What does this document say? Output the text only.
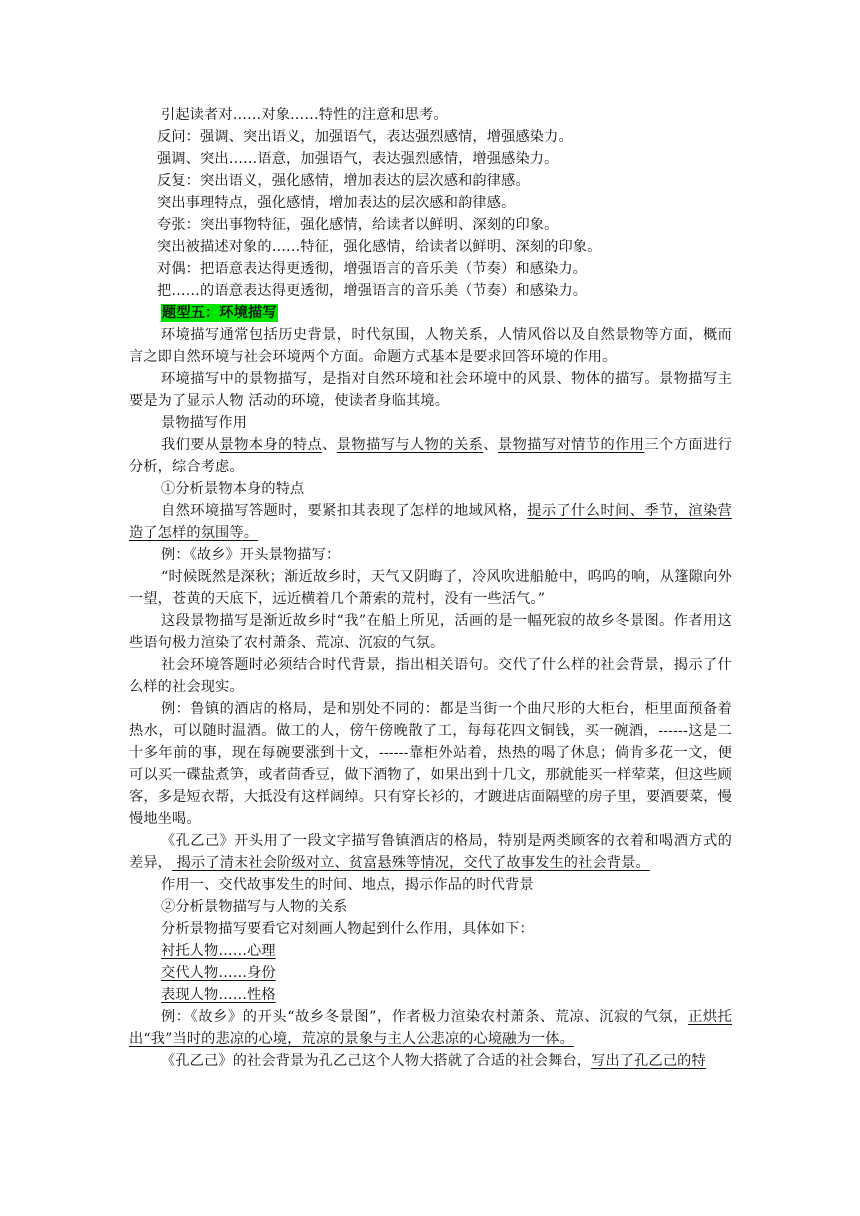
引起读者对……对象……特性的注意和思考。

反问：强调、突出语义，加强语气，表达强烈感情，增强感染力。

强调、突出……语意，加强语气，表达强烈感情，增强感染力。

反复：突出语义，强化感情，增加表达的层次感和韵律感。

突出事理特点，强化感情，增加表达的层次感和韵律感。

夸张：突出事物特征，强化感情，给读者以鲜明、深刻的印象。

突出被描述对象的……特征，强化感情，给读者以鲜明、深刻的印象。

对偶：把语意表达得更透彻，增强语言的音乐美（节奏）和感染力。

把……的语意表达得更透彻，增强语言的音乐美（节奏）和感染力。

题型五：环境描写

环境描写通常包括历史背景，时代氛围，人物关系，人情风俗以及自然景物等方面，概而言之即自然环境与社会环境两个方面。命题方式基本是要求回答环境的作用。

环境描写中的景物描写，是指对自然环境和社会环境中的风景、物体的描写。景物描写主要是为了显示人物 活动的环境，使读者身临其境。

景物描写作用

我们要从景物本身的特点、景物描写与人物的关系、景物描写对情节的作用三个方面进行分析，综合考虑。

①分析景物本身的特点

自然环境描写答题时，要紧扣其表现了怎样的地域风格，提示了什么时间、季节，渲染营造了怎样的氛围等。

例：《故乡》开头景物描写：

“时候既然是深秋；渐近故乡时，天气又阴晦了，冷风吹进船舱中，呜呜的响，从篷隙向外一望，苍黄的天底下，远近横着几个萧索的荒村，没有一些活气。”

这段景物描写是渐近故乡时“我”在船上所见，活画的是一幅死寂的故乡冬景图。作者用这些语句极力渲染了农村萧条、荒凉、沉寂的气氛。

社会环境答题时必须结合时代背景，指出相关语句。交代了什么样的社会背景，揭示了什么样的社会现实。

例：鲁镇的酒店的格局，是和别处不同的：都是当街一个曲尺形的大柜台，柜里面预备着热水，可以随时温酒。做工的人，傍午傍晚散了工，每每花四文铜钱，买一碗酒，------这是二十多年前的事，现在每碗要涨到十文，------靠柜外站着，热热的喝了休息；倘肯多花一文，便可以买一碟盐煮笋，或者茴香豆，做下酒物了，如果出到十几文，那就能买一样荤菜，但这些顾客，多是短衣帮，大抵没有这样阔绰。只有穿长衫的，才踱进店面隔壁的房子里，要酒要菜，慢慢地坐喝。

《孔乙己》开头用了一段文字描写鲁镇酒店的格局，特别是两类顾客的衣着和喝酒方式的差异， 揭示了清末社会阶级对立、贫富悬殊等情况，交代了故事发生的社会背景。

作用一、交代故事发生的时间、地点，揭示作品的时代背景

②分析景物描写与人物的关系

分析景物描写要看它对刻画人物起到什么作用，具体如下：

衬托人物……心理

交代人物……身份

表现人物……性格

例：《故乡》的开头“故乡冬景图”，作者极力渲染农村萧条、荒凉、沉寂的气氛，正烘托出“我”当时的悲凉的心境，荒凉的景象与主人公悲凉的心境融为一体。

《孔乙己》的社会背景为孔乙己这个人物大搭就了合适的社会舞台，写出了孔乙己的特
